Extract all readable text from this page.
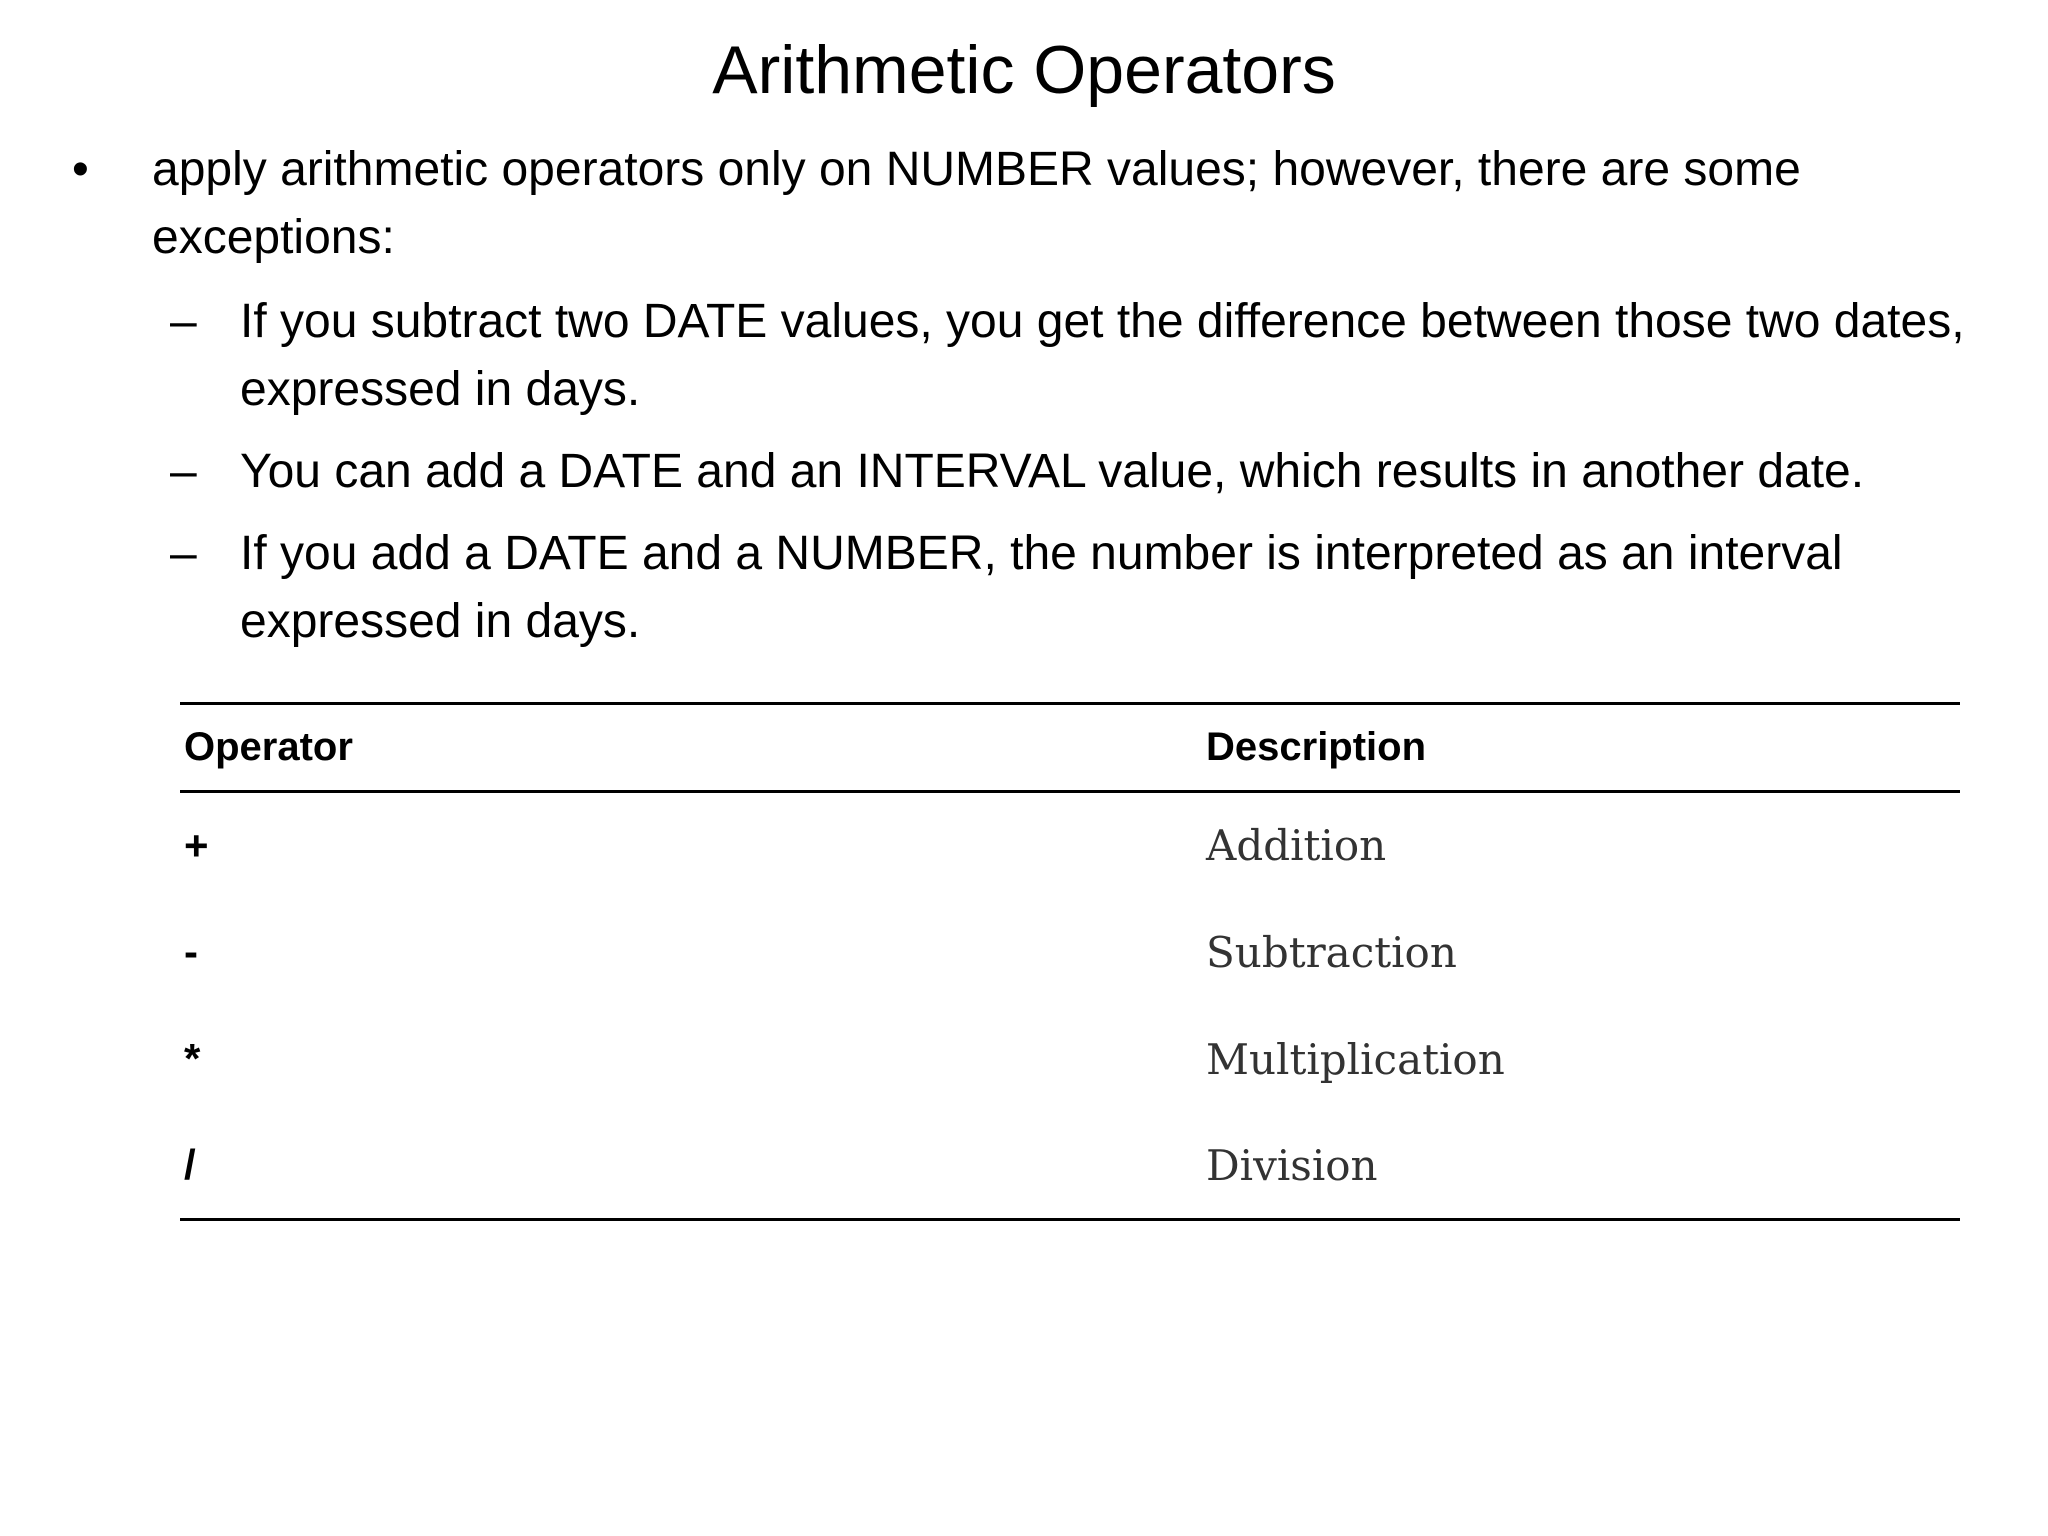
Arithmetic Operators
•	apply arithmetic operators only on NUMBER values; however, there are some exceptions:
– If you subtract two DATE values, you get the difference between those two dates, expressed in days.
– You can add a DATE and an INTERVAL value, which results in another date.
– If you add a DATE and a NUMBER, the number is interpreted as an interval expressed in days.
Operator	Description
+	Addition
-	Subtraction
*	Multiplication
/	Division
